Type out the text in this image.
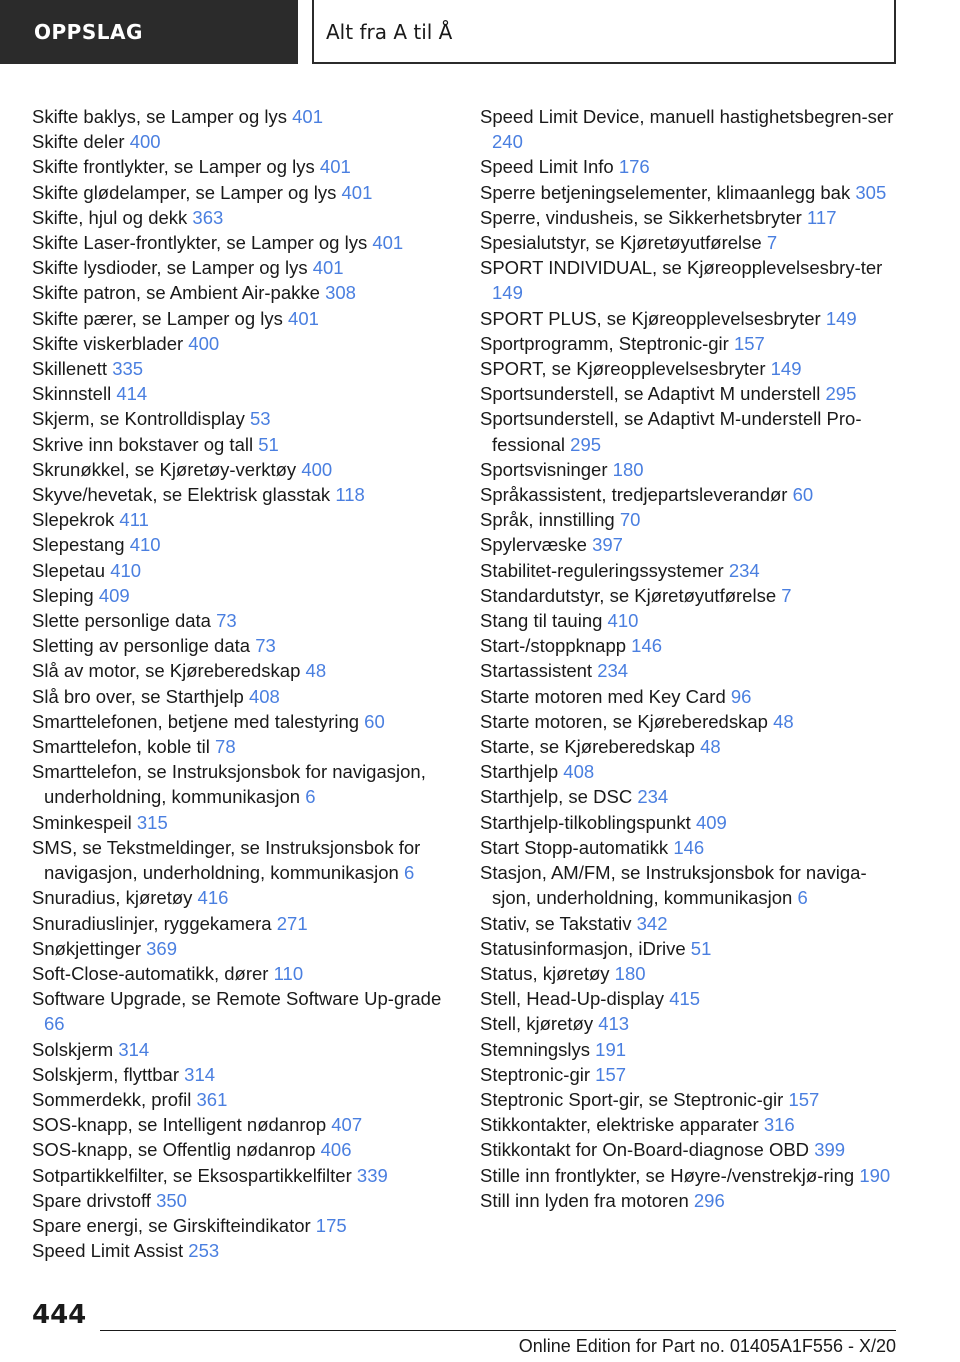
OPPSLAG	Alt fra A til Å
Skifte baklys, se Lamper og lys 401
Skifte deler 400
Skifte frontlykter, se Lamper og lys 401
Skifte glødelamper, se Lamper og lys 401
Skifte, hjul og dekk 363
Skifte Laser-frontlykter, se Lamper og lys 401
Skifte lysdioder, se Lamper og lys 401
Skifte patron, se Ambient Air-pakke 308
Skifte pærer, se Lamper og lys 401
Skifte viskerblader 400
Skillenett 335
Skinnstell 414
Skjerm, se Kontrolldisplay 53
Skrive inn bokstaver og tall 51
Skrunøkkel, se Kjøretøy-verktøy 400
Skyve/hevetak, se Elektrisk glasstak 118
Slepekrok 411
Slepestang 410
Slepetau 410
Sleping 409
Slette personlige data 73
Sletting av personlige data 73
Slå av motor, se Kjøreberedskap 48
Slå bro over, se Starthjelp 408
Smarttelefonen, betjene med talestyring 60
Smarttelefon, koble til 78
Smarttelefon, se Instruksjonsbok for navigasjon, underholdning, kommunikasjon 6
Sminkespeil 315
SMS, se Tekstmeldinger, se Instruksjonsbok for navigasjon, underholdning, kommunikasjon 6
Snuradius, kjøretøy 416
Snuradiuslinjer, ryggekamera 271
Snøkjettinger 369
Soft-Close-automatikk, dører 110
Software Upgrade, se Remote Software Up-grade 66
Solskjerm 314
Solskjerm, flyttbar 314
Sommerdekk, profil 361
SOS-knapp, se Intelligent nødanrop 407
SOS-knapp, se Offentlig nødanrop 406
Sotpartikkelfilter, se Eksospartikkelfilter 339
Spare drivstoff 350
Spare energi, se Girskifteindikator 175
Speed Limit Assist 253
Speed Limit Device, manuell hastighetsbegren-ser 240
Speed Limit Info 176
Sperre betjeningselementer, klimaanlegg bak 305
Sperre, vindusheis, se Sikkerhetsbryter 117
Spesialutstyr, se Kjøretøyutførelse 7
SPORT INDIVIDUAL, se Kjøreopplevelsesbry-ter 149
SPORT PLUS, se Kjøreopplevelsesbryter 149
Sportprogramm, Steptronic-gir 157
SPORT, se Kjøreopplevelsesbryter 149
Sportsunderstell, se Adaptivt M understell 295
Sportsunderstell, se Adaptivt M-understell Pro-fessional 295
Sportsvisninger 180
Språkassistent, tredjepartsleverandør 60
Språk, innstilling 70
Spylervæske 397
Stabilitet-reguleringssystemer 234
Standardutstyr, se Kjøretøyutførelse 7
Stang til tauing 410
Start-/stoppknapp 146
Startassistent 234
Starte motoren med Key Card 96
Starte motoren, se Kjøreberedskap 48
Starte, se Kjøreberedskap 48
Starthjelp 408
Starthjelp, se DSC 234
Starthjelp-tilkoblingspunkt 409
Start Stopp-automatikk 146
Stasjon, AM/FM, se Instruksjonsbok for naviga-sjon, underholdning, kommunikasjon 6
Stativ, se Takstativ 342
Statusinformasjon, iDrive 51
Status, kjøretøy 180
Stell, Head-Up-display 415
Stell, kjøretøy 413
Stemningslys 191
Steptronic-gir 157
Steptronic Sport-gir, se Steptronic-gir 157
Stikkontakter, elektriske apparater 316
Stikkontakt for On-Board-diagnose OBD 399
Stille inn frontlykter, se Høyre-/venstrekjø-ring 190
Still inn lyden fra motoren 296
444
Online Edition for Part no. 01405A1F556 - X/20
